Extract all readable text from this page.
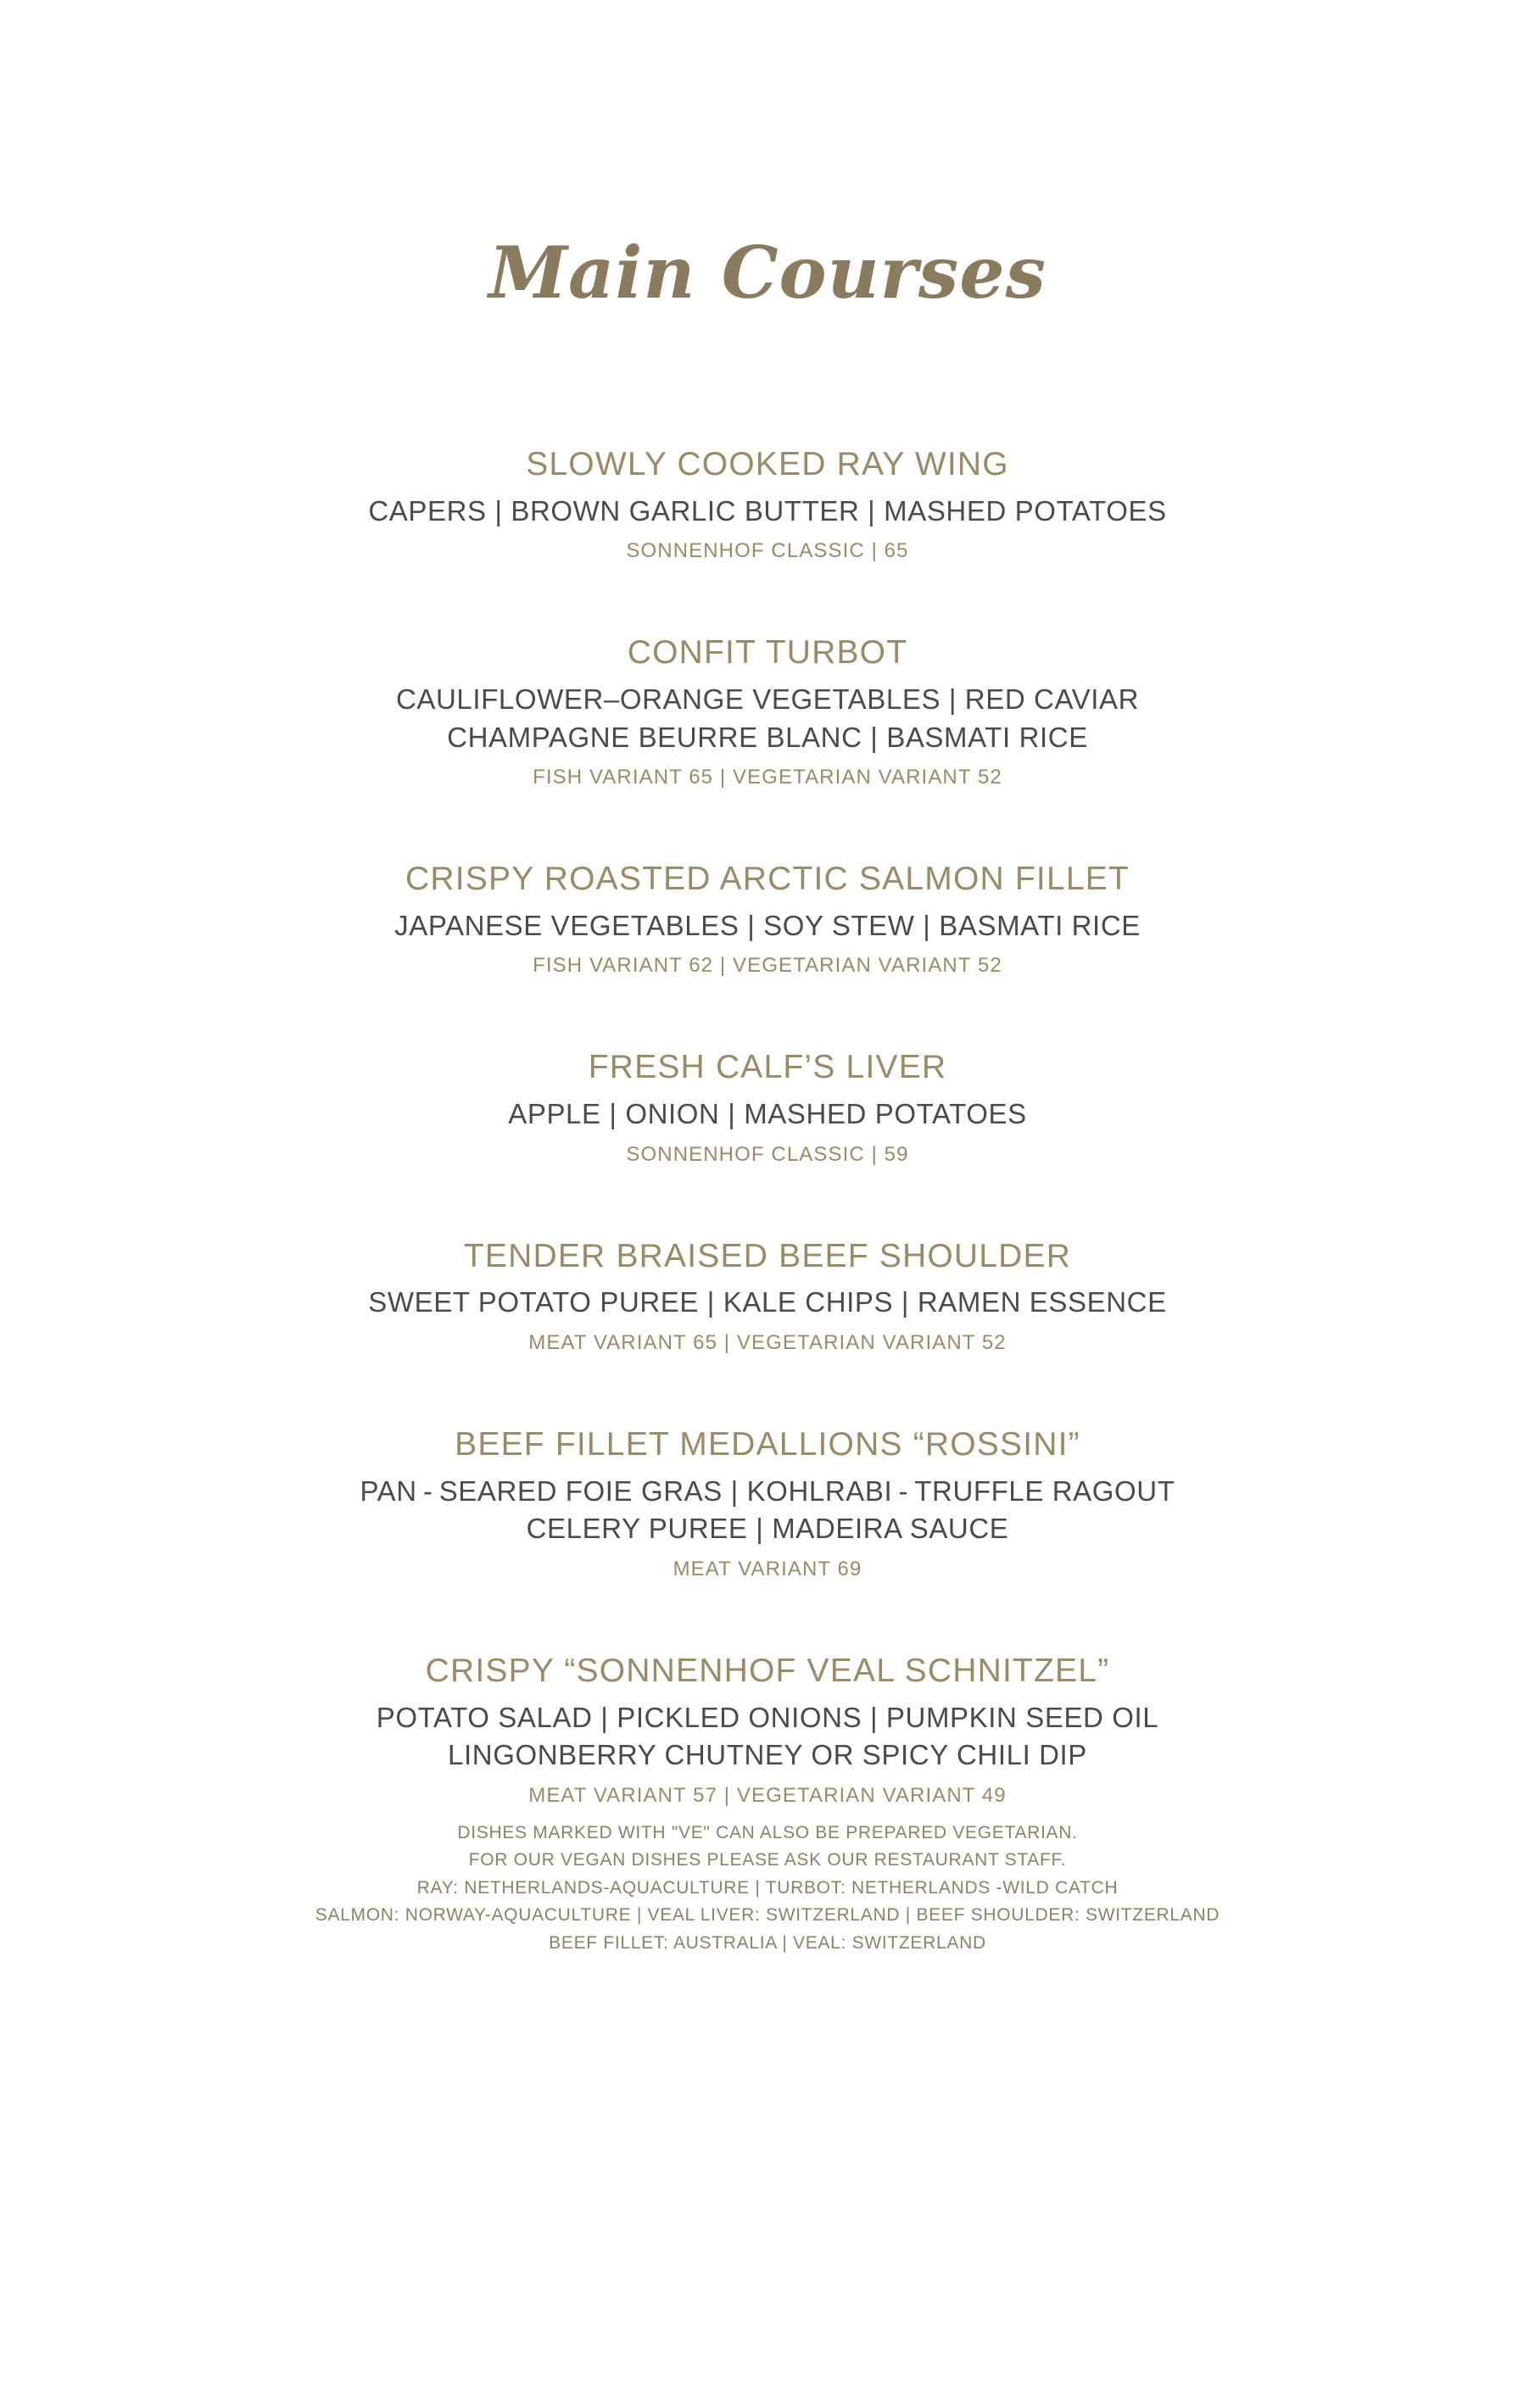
Main Courses
SLOWLY COOKED RAY WING
CAPERS | BROWN GARLIC BUTTER | MASHED POTATOES
SONNENHOF CLASSIC | 65
CONFIT TURBOT
CAULIFLOWER–ORANGE VEGETABLES | RED CAVIAR
CHAMPAGNE BEURRE BLANC | BASMATI RICE
FISH VARIANT 65 | VEGETARIAN VARIANT 52
CRISPY ROASTED ARCTIC SALMON FILLET
JAPANESE VEGETABLES | SOY STEW | BASMATI RICE
FISH VARIANT 62 | VEGETARIAN VARIANT 52
FRESH CALF’S LIVER
APPLE | ONION | MASHED POTATOES
SONNENHOF CLASSIC | 59
TENDER BRAISED BEEF SHOULDER
SWEET POTATO PUREE | KALE CHIPS | RAMEN ESSENCE
MEAT VARIANT 65 | VEGETARIAN VARIANT 52
BEEF FILLET MEDALLIONS “ROSSINI”
PAN - SEARED FOIE GRAS | KOHLRABI - TRUFFLE RAGOUT
CELERY PUREE | MADEIRA SAUCE
MEAT VARIANT 69
CRISPY “SONNENHOF VEAL SCHNITZEL”
POTATO SALAD | PICKLED ONIONS | PUMPKIN SEED OIL
LINGONBERRY CHUTNEY OR SPICY CHILI DIP
MEAT VARIANT 57 | VEGETARIAN VARIANT 49
DISHES MARKED WITH "VE" CAN ALSO BE PREPARED VEGETARIAN.
FOR OUR VEGAN DISHES PLEASE ASK OUR RESTAURANT STAFF.
RAY: NETHERLANDS-AQUACULTURE | TURBOT: NETHERLANDS -WILD CATCH
SALMON: NORWAY-AQUACULTURE | VEAL LIVER: SWITZERLAND | BEEF SHOULDER: SWITZERLAND
BEEF FILLET: AUSTRALIA | VEAL: SWITZERLAND
